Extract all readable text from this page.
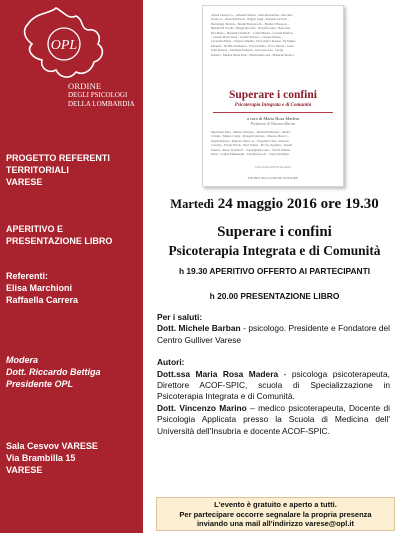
OPL
ORDINE
DEGLI PSICOLOGI
DELLA LOMBARDIA
PROGETTO REFERENTI
TERRITORIALI
VARESE
APERITIVO E
PRESENTAZIONE LIBRO
Referenti:
Elisa Marchioni
Raffaella Carrera
Modera
Dott. Riccardo Bettiga
Presidente OPL
Sala Cesvov VARESE
Via Brambilla 15
VARESE
Albani Cenagio G. - Albasetti Sabina - Anna Bernardone - Bocchini
Jessica A. - Aristofelli Paola - Baggio Luigi - Bonvino Lucia R. -
Bertamagg. Barbara - Bertini Francesca R. - Bettiucci Eleonora -
Barbuta Di Tavella - Biaggi Riccardo - Bonaldi Laura - Bonavetta
Pier Mauro - Bergami Claudia E. - Carini Marina - Cardani Fabrizio
- Castelli Maria Luisa - Castelli Roberto - Causata Marina -
Cavarretta Elena - Chiusolo Marika - Del Giudice Rosaria - Di Meglio
Manuela - Di Milo Domenica - Forcati Maria - Fosco Marisa - Gaeta
Gaiti Roberta - Gandineu Federica - Genovese Sara - Giorgi
Roberta - Madera Maria Rosa - Manfrodde Luisa - Mannella Monica
Superare i confini
Psicoterapia Integrata e di Comunità
a cura di Maria Rosa Madera
Prefazione di Vincenzo Marino
Marchione Elisa - Marino Vincenzo - Martinelli Mariano - Medici
Cristina - Minucci Lidia - Mongardi Antonio - Moreno Maria C. -
Pagani Roberta - Pagnotto Marco A. - Pergolizzi Luisa - Pezzoni
Concetta - Peroni Nicola - Perri Valeria - Piccolo Agostino - Rotelli
Sabrina - Russo Stefania E. - Santagiuliana Gino - Sartori Sabrina
Elena - Scalpei Emmanuela - Sosi Eleonora E. - Vergo Pierluigia
COLLANA DI PSICOLOGIA
PIETRO MACCHIONE EDITORE
Martedì 24 maggio 2016 ore 19.30
Superare i confini
Psicoterapia Integrata e di Comunità
h 19.30 APERITIVO OFFERTO AI PARTECIPANTI
h 20.00 PRESENTAZIONE LIBRO

Per i saluti:

Dott. Michele Barban - psicologo. Presidente e Fondatore del Centro Gulliver Varese

Autori:

Dott.ssa Maria Rosa Madera - psicologa psicoterapeuta, Direttore ACOF-SPIC, scuola di Specializzazione in Psicoterapia Integrata e di Comunità.

Dott. Vincenzo Marino – medico psicoterapeuta, Docente di Psicologia Applicata presso la Scuola di Medicina dell' Università dell'Insubria e docente ACOF-SPIC.

L'evento è gratuito e aperto a tutti.
Per partecipare occorre segnalare la propria presenza
inviando una mail all'indirizzo varese@opl.it
